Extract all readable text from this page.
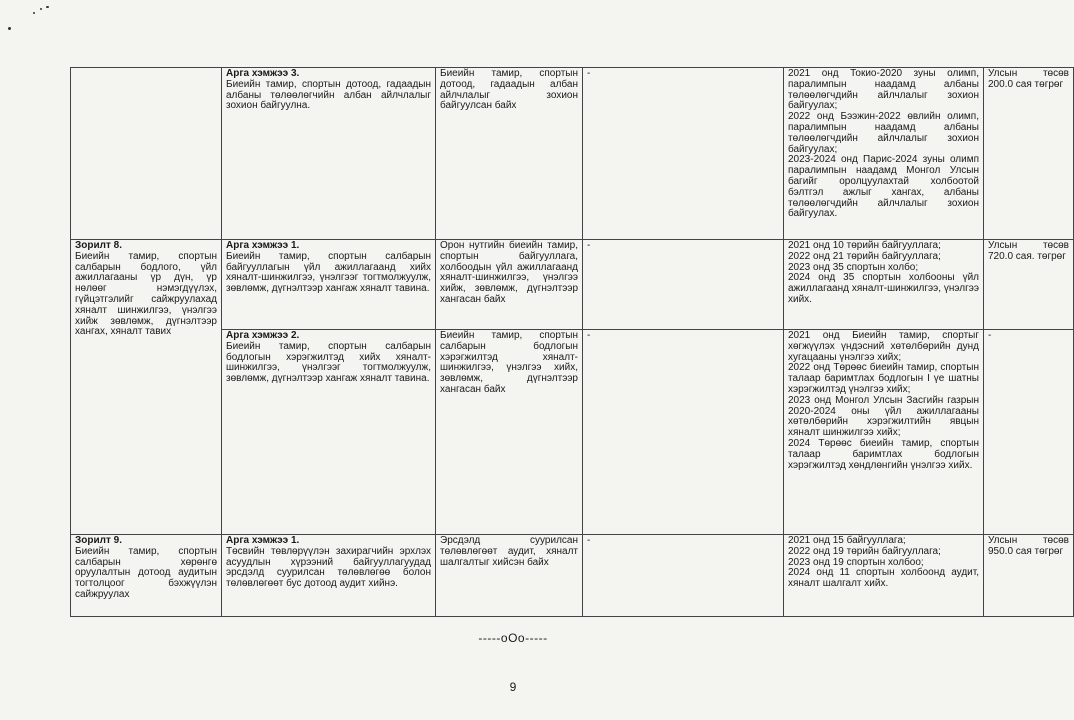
	Арга хэмжээ 3.
Биеийн тамир, спортын дотоод, гадаадын албаны төлөөлөгчийн албан айлчлалыг зохион байгуулна.	Биеийн тамир, спортын дотоод, гадаадын албан айлчлалыг зохион байгуулсан байх	-	2021 онд Токио-2020 зуны олимп, паралимпын наадамд албаны төлөөлөгчдийн айлчлалыг зохион байгуулах;
2022 онд Бээжин-2022 өвлийн олимп, паралимпын наадамд албаны төлөөлөгчдийн айлчлалыг зохион байгуулах;
2023-2024 онд Парис-2024 зуны олимп паралимпын наадамд Монгол Улсын багийг оролцуулахтай холбоотой бэлтгэл ажлыг хангах, албаны төлөөлөгчдийн айлчлалыг зохион байгуулах.	Улсын төсөв 200.0 сая төгрөг

Зорилт 8.
Биеийн тамир, спортын салбарын бодлого, үйл ажиллагааны үр дүн, үр нөлөөг нэмэгдүүлэх, гүйцэтгэлийг сайжруулахад хяналт шинжилгээ, үнэлгээ хийж зөвлөмж, дүгнэлтээр хангах, хяналт тавих	Арга хэмжээ 1.
Биеийн тамир, спортын салбарын байгууллагын үйл ажиллагаанд хийх хяналт-шинжилгээ, үнэлгээг тогтмолжуулж, зөвлөмж, дүгнэлтээр хангаж хяналт тавина.	Орон нутгийн биеийн тамир, спортын байгууллага, холбоодын үйл ажиллагаанд хяналт-шинжилгээ, үнэлгээ хийж, зөвлөмж, дүгнэлтээр хангасан байх	-	2021 онд 10 төрийн байгууллага;
2022 онд 21 төрийн байгууллага;
2023 онд 35 спортын холбо;
2024 онд 35 спортын холбооны үйл ажиллагаанд хяналт-шинжилгээ, үнэлгээ хийх.	Улсын төсөв 720.0 сая. төгрөг

	Арга хэмжээ 2.
Биеийн тамир, спортын салбарын бодлогын хэрэгжилтэд хийх хяналт-шинжилгээ, үнэлгээг тогтмолжуулж, зөвлөмж, дүгнэлтээр хангаж хяналт тавина.	Биеийн тамир, спортын салбарын бодлогын хэрэгжилтэд хяналт-шинжилгээ, үнэлгээ хийх, зөвлөмж, дүгнэлтээр хангасан байх	-	2021 онд Биеийн тамир, спортыг хөгжүүлэх үндэсний хөтөлбөрийн дунд хугацааны үнэлгээ хийх;
2022 онд Төрөөс биеийн тамир, спортын талаар баримтлах бодлогын I үе шатны хэрэгжилтэд үнэлгээ хийх;
2023 онд Монгол Улсын Засгийн газрын 2020-2024 оны үйл ажиллагааны хөтөлбөрийн хэрэгжилтийн явцын хяналт шинжилгээ хийх;
2024 Төрөөс биеийн тамир, спортын талаар баримтлах бодлогын хэрэгжилтэд хөндлөнгийн үнэлгээ хийх.	-

Зорилт 9.
Биеийн тамир, спортын салбарын хөрөнгө оруулалтын дотоод аудитын тогтолцоог бэхжүүлэн сайжруулах	Арга хэмжээ 1.
Төсвийн төвлөрүүлэн захирагчийн эрхлэх асуудлын хүрээний байгууллагуудад эрсдэлд суурилсан төлөвлөгөө болон төлөвлөгөөт бус дотоод аудит хийнэ.	Эрсдэлд суурилсан төлөвлөгөөт аудит, хяналт шалгалтыг хийсэн байх	-	2021 онд 15 байгууллага;
2022 онд 19 төрийн байгууллага;
2023 онд 19 спортын холбоо;
2024 онд 11 спортын холбоонд аудит, хяналт шалгалт хийх.	Улсын төсөв 950.0 сая төгрөг
-----oOo-----
9
